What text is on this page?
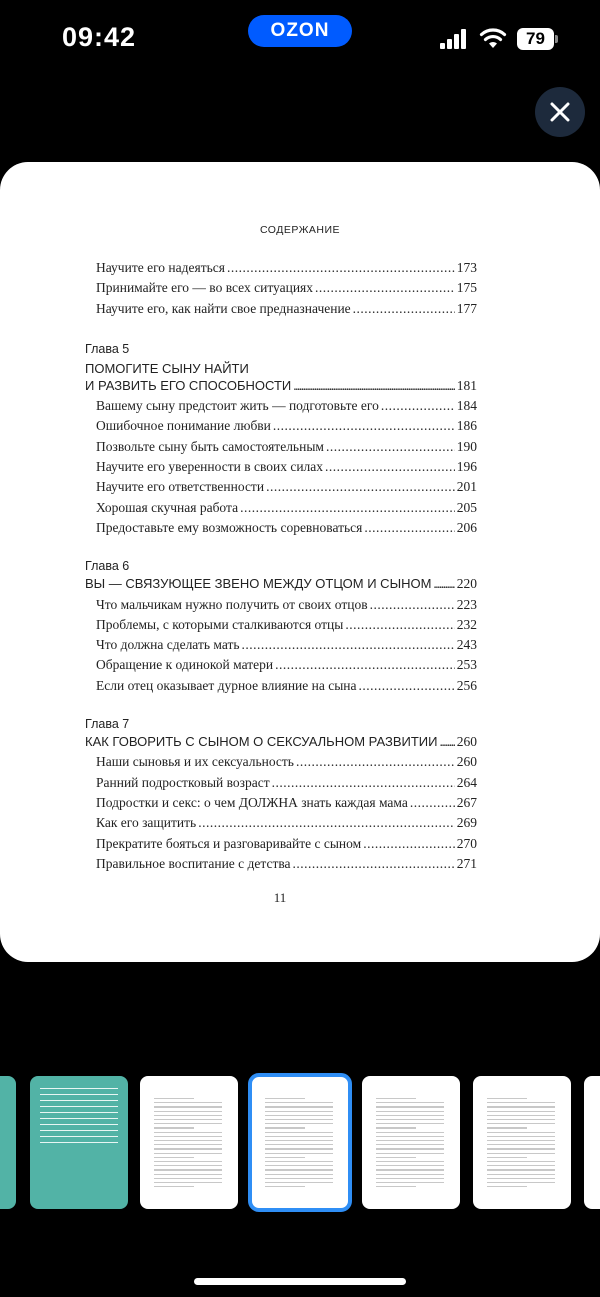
09:42	OZON	79
СОДЕРЖАНИЕ
Научите его надеяться .....	173
Принимайте его — во всех ситуациях .....	175
Научите его, как найти свое предназначение .....	177
Глава 5
ПОМОГИТЕ СЫНУ НАЙТИ
И РАЗВИТЬ ЕГО СПОСОБНОСТИ .....	181
Вашему сыну предстоит жить — подготовьте его .....	184
Ошибочное понимание любви .....	186
Позвольте сыну быть самостоятельным .....	190
Научите его уверенности в своих силах .....	196
Научите его ответственности .....	201
Хорошая скучная работа .....	205
Предоставьте ему возможность соревноваться .....	206
Глава 6
ВЫ — СВЯЗУЮЩЕЕ ЗВЕНО МЕЖДУ ОТЦОМ И СЫНОМ ..... 220
Что мальчикам нужно получить от своих отцов .....	223
Проблемы, с которыми сталкиваются отцы .....	232
Что должна сделать мать .....	243
Обращение к одинокой матери .....	253
Если отец оказывает дурное влияние на сына .....	256
Глава 7
КАК ГОВОРИТЬ С СЫНОМ О СЕКСУАЛЬНОМ РАЗВИТИИ ..... 260
Наши сыновья и их сексуальность .....	260
Ранний подростковый возраст .....	264
Подростки и секс: о чем ДОЛЖНА знать каждая мама .....	267
Как его защитить .....	269
Прекратите бояться и разговаривайте с сыном .....	270
Правильное воспитание с детства .....	271
11
